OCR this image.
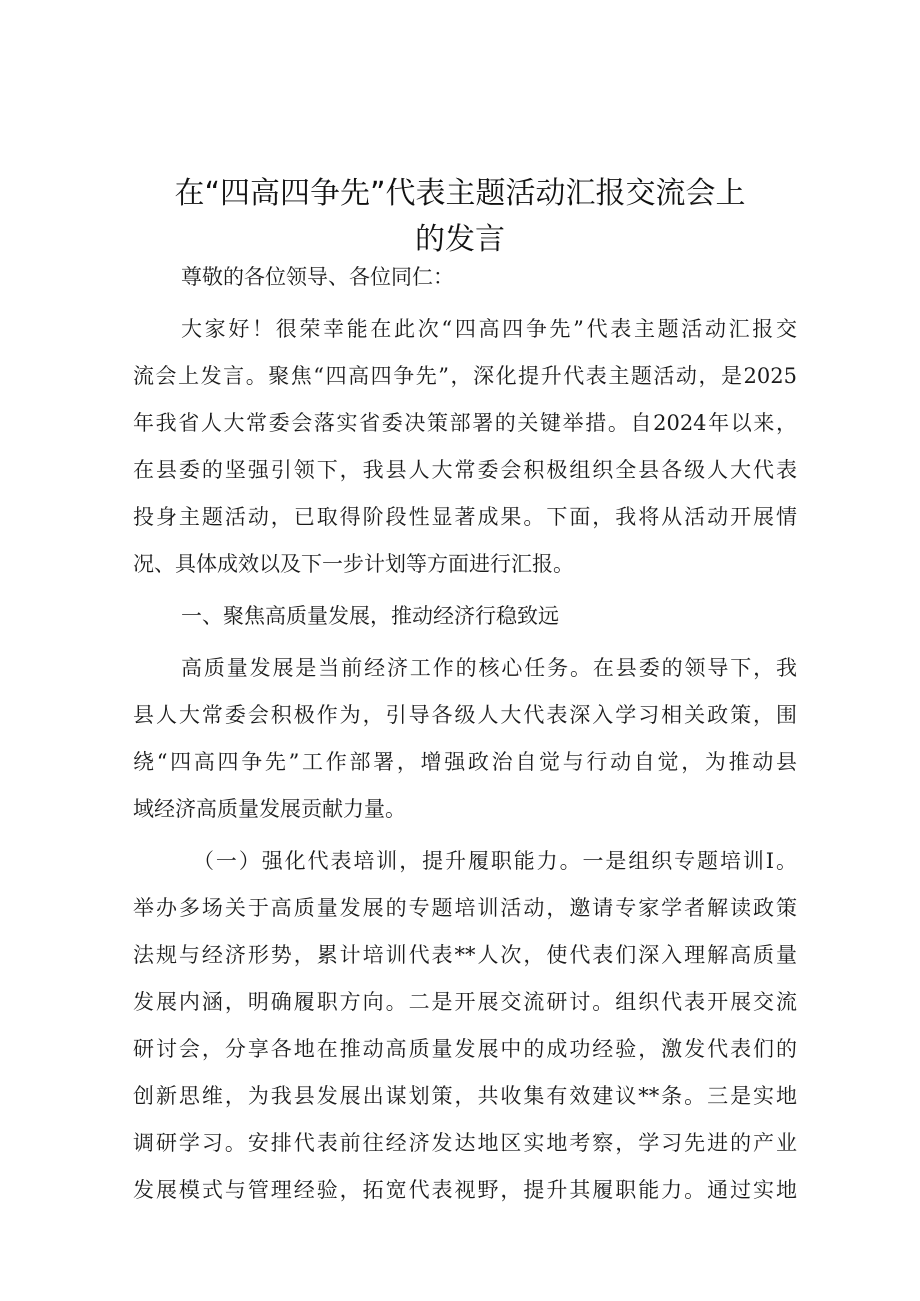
在“四高四争先”代表主题活动汇报交流会上
的发言
尊敬的各位领导、各位同仁：
大家好！很荣幸能在此次“四高四争先”代表主题活动汇报交
流会上发言。聚焦“四高四争先”，深化提升代表主题活动，是2025
年我省人大常委会落实省委决策部署的关键举措。自2024年以来，
在县委的坚强引领下，我县人大常委会积极组织全县各级人大代表
投身主题活动，已取得阶段性显著成果。下面，我将从活动开展情
况、具体成效以及下一步计划等方面进行汇报。
一、聚焦高质量发展，推动经济行稳致远
高质量发展是当前经济工作的核心任务。在县委的领导下，我
县人大常委会积极作为，引导各级人大代表深入学习相关政策，围
绕“四高四争先”工作部署，增强政治自觉与行动自觉，为推动县
域经济高质量发展贡献力量。
（一）强化代表培训，提升履职能力。一是组织专题培训I。
举办多场关于高质量发展的专题培训活动，邀请专家学者解读政策
法规与经济形势，累计培训代表**人次，使代表们深入理解高质量
发展内涵，明确履职方向。二是开展交流研讨。组织代表开展交流
研讨会，分享各地在推动高质量发展中的成功经验，激发代表们的
创新思维，为我县发展出谋划策，共收集有效建议**条。三是实地
调研学习。安排代表前往经济发达地区实地考察，学习先进的产业
发展模式与管理经验，拓宽代表视野，提升其履职能力。通过实地
